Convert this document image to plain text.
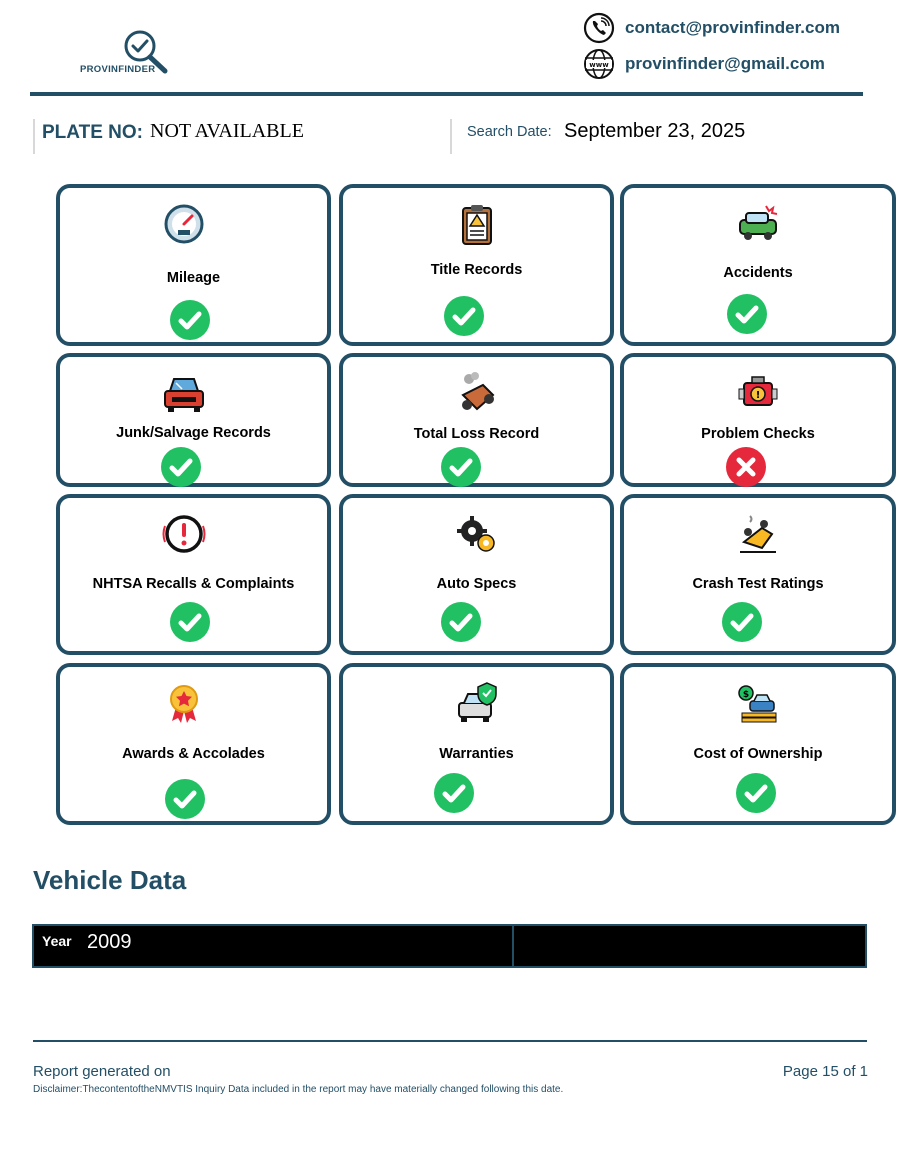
PROVINFINDER
contact@provinfinder.com
www provinfinder@gmail.com
PLATE NO: NOT AVAILABLE	Search Date: September 23, 2025
Mileage	Title Records	Accidents
Junk/Salvage Records	Total Loss Record
!
Problem Checks
NHTSA Recalls & Complaints	Auto Specs	Crash Test Ratings
Awards & Accolades	Warranties
$
Cost of Ownership
Vehicle Data
Year 2009
Report generated on	Page 15 of 1
Disclaimer:ThecontentoftheNMVTIS Inquiry Data included in the report may have materially changed following this date.
